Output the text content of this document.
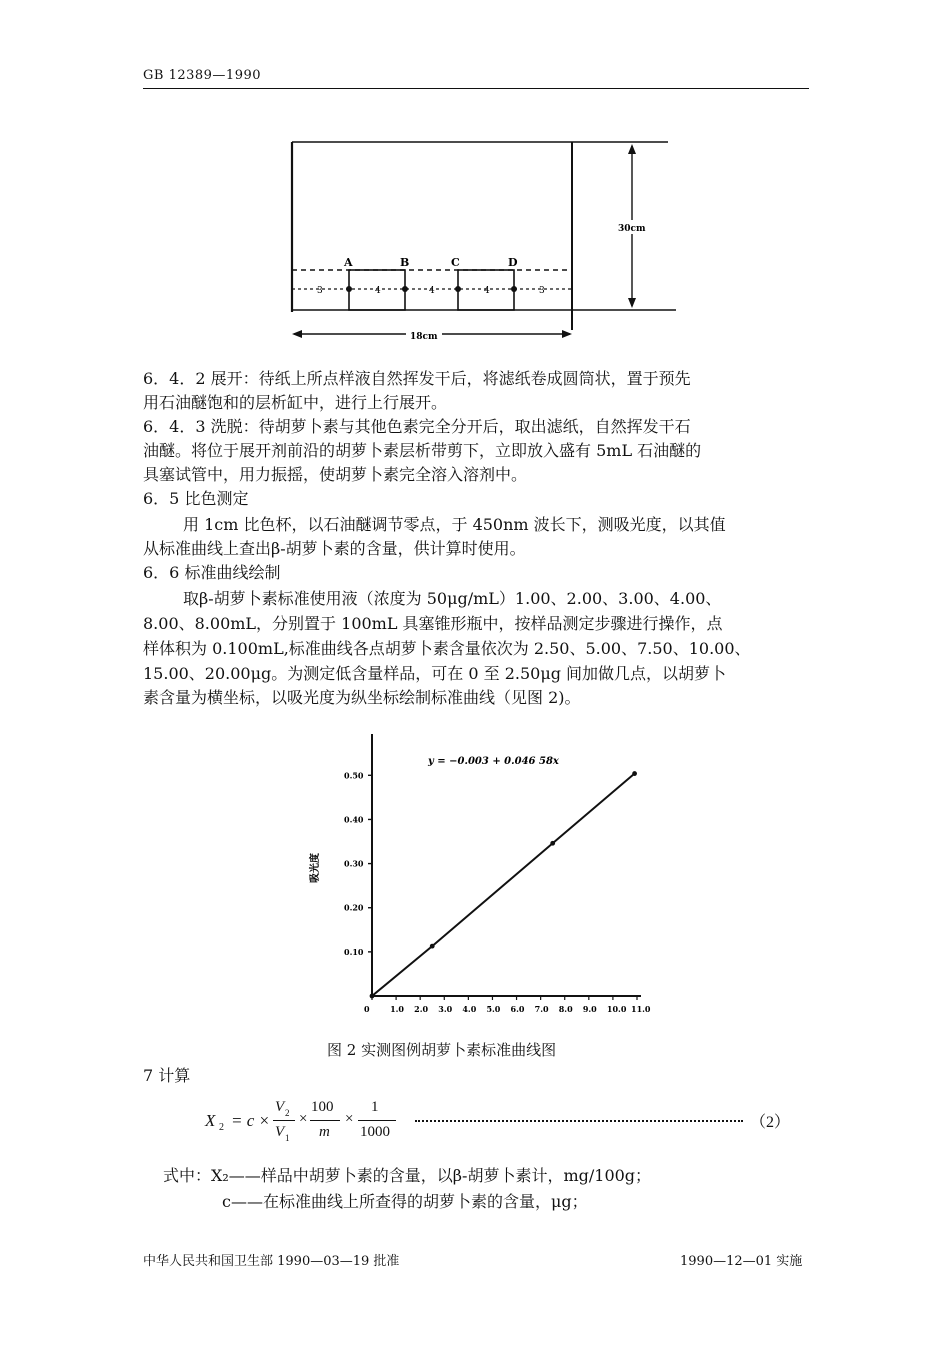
GB 12389—1990
A	B	C	D
3	4	4	4	3
30cm
18cm
6．4．2 展开：待纸上所点样液自然挥发干后，将滤纸卷成圆筒状，置于预先
用石油醚饱和的层析缸中，进行上行展开。
6．4．3 洗脱：待胡萝卜素与其他色素完全分开后，取出滤纸，自然挥发干石
油醚。将位于展开剂前沿的胡萝卜素层析带剪下，立即放入盛有 5mL 石油醚的
具塞试管中，用力振摇，使胡萝卜素完全溶入溶剂中。
6．5 比色测定
用 1cm 比色杯，以石油醚调节零点，于 450nm 波长下，测吸光度，以其值
从标准曲线上查出β-胡萝卜素的含量，供计算时使用。
6．6 标准曲线绘制
取β-胡萝卜素标准使用液（浓度为 50μg/mL）1.00、2.00、3.00、4.00、
8.00、8.00mL，分别置于 100mL 具塞锥形瓶中，按样品测定步骤进行操作，点
样体积为 0.100mL,标准曲线各点胡萝卜素含量依次为 2.50、5.00、7.50、10.00、
15.00、20.00μg。为测定低含量样品，可在 0 至 2.50μg 间加做几点，以胡萝卜
素含量为横坐标，以吸光度为纵坐标绘制标准曲线（见图 2)。
y = −0.003 + 0.046 58x
吸光度
0.10
0.20
0.30
0.40
0.50
0	1.0 2.0 3.0 4.0 5.0 6.0 7.0 8.0 9.0 10.0 11.0
图 2 实测图例胡萝卜素标准曲线图
7 计算
X 2 = c ×
V 2
V 1
×
100
m
×
1
1000
（2）
式中：X₂——样品中胡萝卜素的含量，以β-胡萝卜素计，mg/100g；
c——在标准曲线上所查得的胡萝卜素的含量，μg；
中华人民共和国卫生部 1990—03—19 批准	1990—12—01 实施
